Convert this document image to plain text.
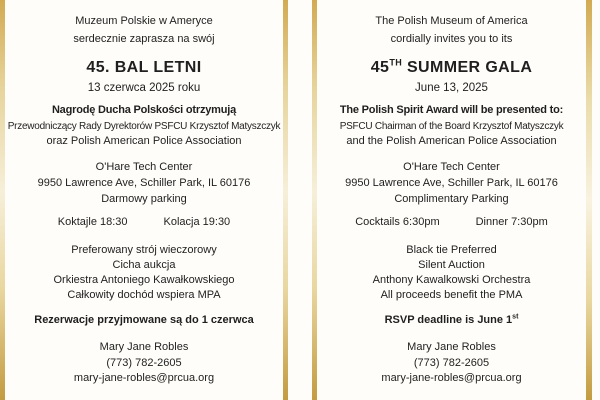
Muzeum Polskie w Ameryce
serdecznie zaprasza na swój
45. BAL LETNI
13 czerwca 2025 roku
Nagrodę Ducha Polskości otrzymują
Przewodniczący Rady Dyrektorów PSFCU Krzysztof Matyszczyk
oraz Polish American Police Association
O'Hare Tech Center
9950 Lawrence Ave, Schiller Park, IL 60176
Darmowy parking
Koktajle 18:30	Kolacja 19:30
Preferowany strój wieczorowy
Cicha aukcja
Orkiestra Antoniego Kawałkowskiego
Całkowity dochód wspiera MPA
Rezerwacje przyjmowane są do 1 czerwca
Mary Jane Robles
(773) 782-2605
mary-jane-robles@prcua.org
The Polish Museum of America
cordially invites you to its
45TH SUMMER GALA
June 13, 2025
The Polish Spirit Award will be presented to:
PSFCU Chairman of the Board Krzysztof Matyszczyk
and the Polish American Police Association
O'Hare Tech Center
9950 Lawrence Ave, Schiller Park, IL 60176
Complimentary Parking
Cocktails 6:30pm	Dinner 7:30pm
Black tie Preferred
Silent Auction
Anthony Kawalkowski Orchestra
All proceeds benefit the PMA
RSVP deadline is June 1st
Mary Jane Robles
(773) 782-2605
mary-jane-robles@prcua.org
